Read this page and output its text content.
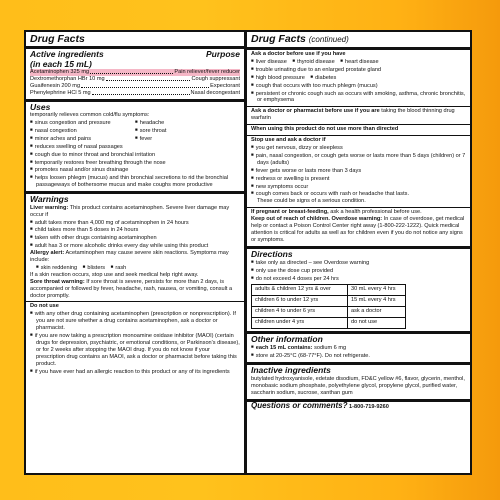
Drug Facts
Active ingredients	Purpose
(in each 15 mL)
Acetaminophen 325 mg	Pain reliever/fever reducer
Dextromethorphan HBr 10 mg	Cough suppressant
Guaifenesin 200 mg	Expectorant
Phenylephrine HCl 5 mg	Nasal decongestant
Uses
temporarily relieves common cold/flu symptoms:
■ sinus congestion and pressure	■ headache
■ nasal congestion	■ sore throat
■ minor aches and pains	■ fever
■ reduces swelling of nasal passages
■ cough due to minor throat and bronchial irritation
■ temporarily restores freer breathing through the nose
■ promotes nasal and/or sinus drainage
■ helps loosen phlegm (mucus) and thin bronchial secretions to rid the bronchial passageways of bothersome mucus and make coughs more productive
Warnings
Liver warning: This product contains acetaminophen. Severe liver damage may occur if
■ adult takes more than 4,000 mg of acetaminophen in 24 hours
■ child takes more than 5 doses in 24 hours
■ taken with other drugs containing acetaminophen
■ adult has 3 or more alcoholic drinks every day while using this product
Allergy alert: Acetaminophen may cause severe skin reactions. Symptoms may include:
■ skin reddening ■ blisters ■ rash
If a skin reaction occurs, stop use and seek medical help right away.
Sore throat warning: If sore throat is severe, persists for more than 2 days, is accompanied or followed by fever, headache, rash, nausea, or vomiting, consult a doctor promptly.
Do not use
■ with any other drug containing acetaminophen (prescription or nonprescription). If you are not sure whether a drug contains acetaminophen, ask a doctor or pharmacist.
■ if you are now taking a prescription monoamine oxidase inhibitor (MAOI) (certain drugs for depression, psychiatric, or emotional conditions, or Parkinson's disease), or for 2 weeks after stopping the MAOI drug. If you do not know if your prescription drug contains an MAOI, ask a doctor or pharmacist before taking this product.
■ if you have ever had an allergic reaction to this product or any of its ingredients
Drug Facts (continued)
Ask a doctor before use if you have
■ liver disease ■ thyroid disease ■ heart disease
■ trouble urinating due to an enlarged prostate gland
■ high blood pressure ■ diabetes
■ cough that occurs with too much phlegm (mucus)
■ persistent or chronic cough such as occurs with smoking, asthma, chronic bronchitis, or emphysema
Ask a doctor or pharmacist before use if you are taking the blood thinning drug warfarin
When using this product do not use more than directed
Stop use and ask a doctor if
■ you get nervous, dizzy or sleepless
■ pain, nasal congestion, or cough gets worse or lasts more than 5 days (children) or 7 days (adults)
■ fever gets worse or lasts more than 3 days
■ redness or swelling is present
■ new symptoms occur
■ cough comes back or occurs with rash or headache that lasts.
These could be signs of a serious condition.
If pregnant or breast-feeding, ask a health professional before use.
Keep out of reach of children. Overdose warning: In case of overdose, get medical help or contact a Poison Control Center right away (1-800-222-1222). Quick medical attention is critical for adults as well as for children even if you do not notice any signs or symptoms.
Directions
■ take only as directed – see Overdose warning
■ only use the dose cup provided
■ do not exceed 4 doses per 24 hrs
adults & children 12 yrs & over	30 mL every 4 hrs
children 6 to under 12 yrs	15 mL every 4 hrs
children 4 to under 6 yrs	ask a doctor
children under 4 yrs	do not use
Other information
■ each 15 mL contains: sodium 6 mg
■ store at 20-25°C (68-77°F). Do not refrigerate.
Inactive ingredients
butylated hydroxyanisole, edetate disodium, FD&C yellow #6, flavor, glycerin, menthol, monobasic sodium phosphate, polyethylene glycol, propylene glycol, purified water, saccharin sodium, sucrose, xanthan gum
Questions or comments? 1-800-719-9260
